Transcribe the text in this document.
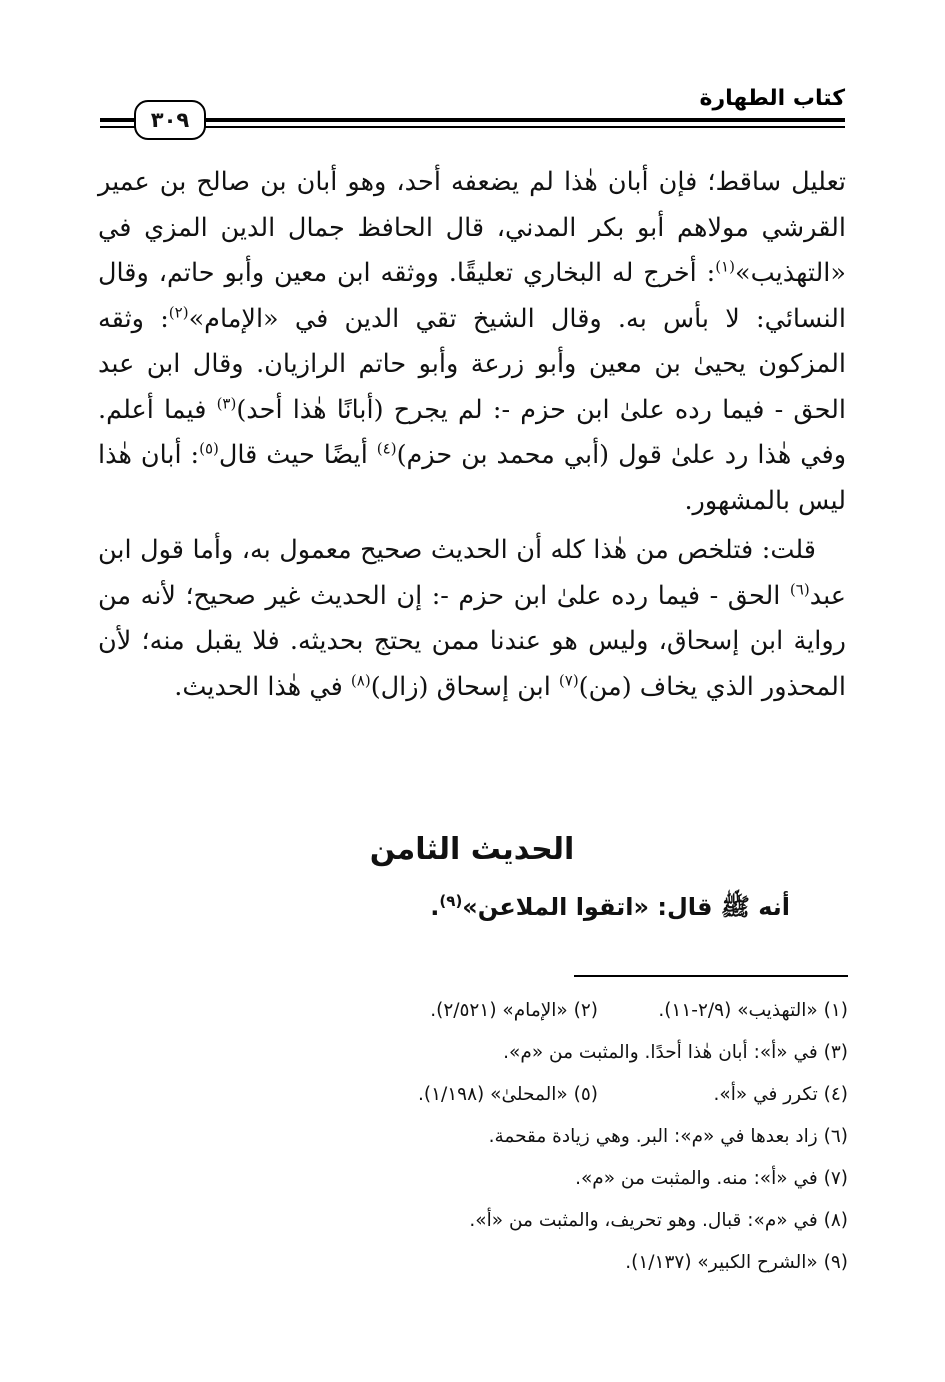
كتاب الطهارة
٣٠٩

تعليل ساقط؛ فإن أبان هٰذا لم يضعفه أحد، وهو أبان بن صالح بن عمير القرشي مولاهم أبو بكر المدني، قال الحافظ جمال الدين المزي في «التهذيب»$^{(١)}$: أخرج له البخاري تعليقًا. ووثقه ابن معين وأبو حاتم، وقال النسائي: لا بأس به. وقال الشيخ تقي الدين في «الإمام»$^{(٢)}$: وثقه المزكون يحيىٰ بن معين وأبو زرعة وأبو حاتم الرازيان. وقال ابن عبد الحق - فيما رده علىٰ ابن حزم -: لم يجرح (أبانًا هٰذا أحد)$^{(٣)}$ فيما أعلم. وفي هٰذا رد علىٰ قول (أبي محمد بن حزم)$^{(٤)}$ أيضًا حيث قال$^{(٥)}$: أبان هٰذا ليس بالمشهور.

قلت: فتلخص من هٰذا كله أن الحديث صحيح معمول به، وأما قول ابن عبد$^{(٦)}$ الحق - فيما رده علىٰ ابن حزم -: إن الحديث غير صحيح؛ لأنه من رواية ابن إسحاق، وليس هو عندنا ممن يحتج بحديثه. فلا يقبل منه؛ لأن المحذور الذي يخاف (من)$^{(٧)}$ ابن إسحاق (زال)$^{(٨)}$ في هٰذا الحديث.

الحديث الثامن
أنه ﷺ قال: «اتقوا الملاعن»$^{(٩)}$.
(١) «التهذيب» (٢/٩-١١).
(٢) «الإمام» (٢/٥٢١).
(٣) في «أ»: أبان هٰذا أحدًا. والمثبت من «م».
(٤) تكرر في «أ».
(٥) «المحلىٰ» (١/١٩٨).
(٦) زاد بعدها في «م»: البر. وهي زيادة مقحمة.
(٧) في «أ»: منه. والمثبت من «م».
(٨) في «م»: قبال. وهو تحريف، والمثبت من «أ».
(٩) «الشرح الكبير» (١/١٣٧).
